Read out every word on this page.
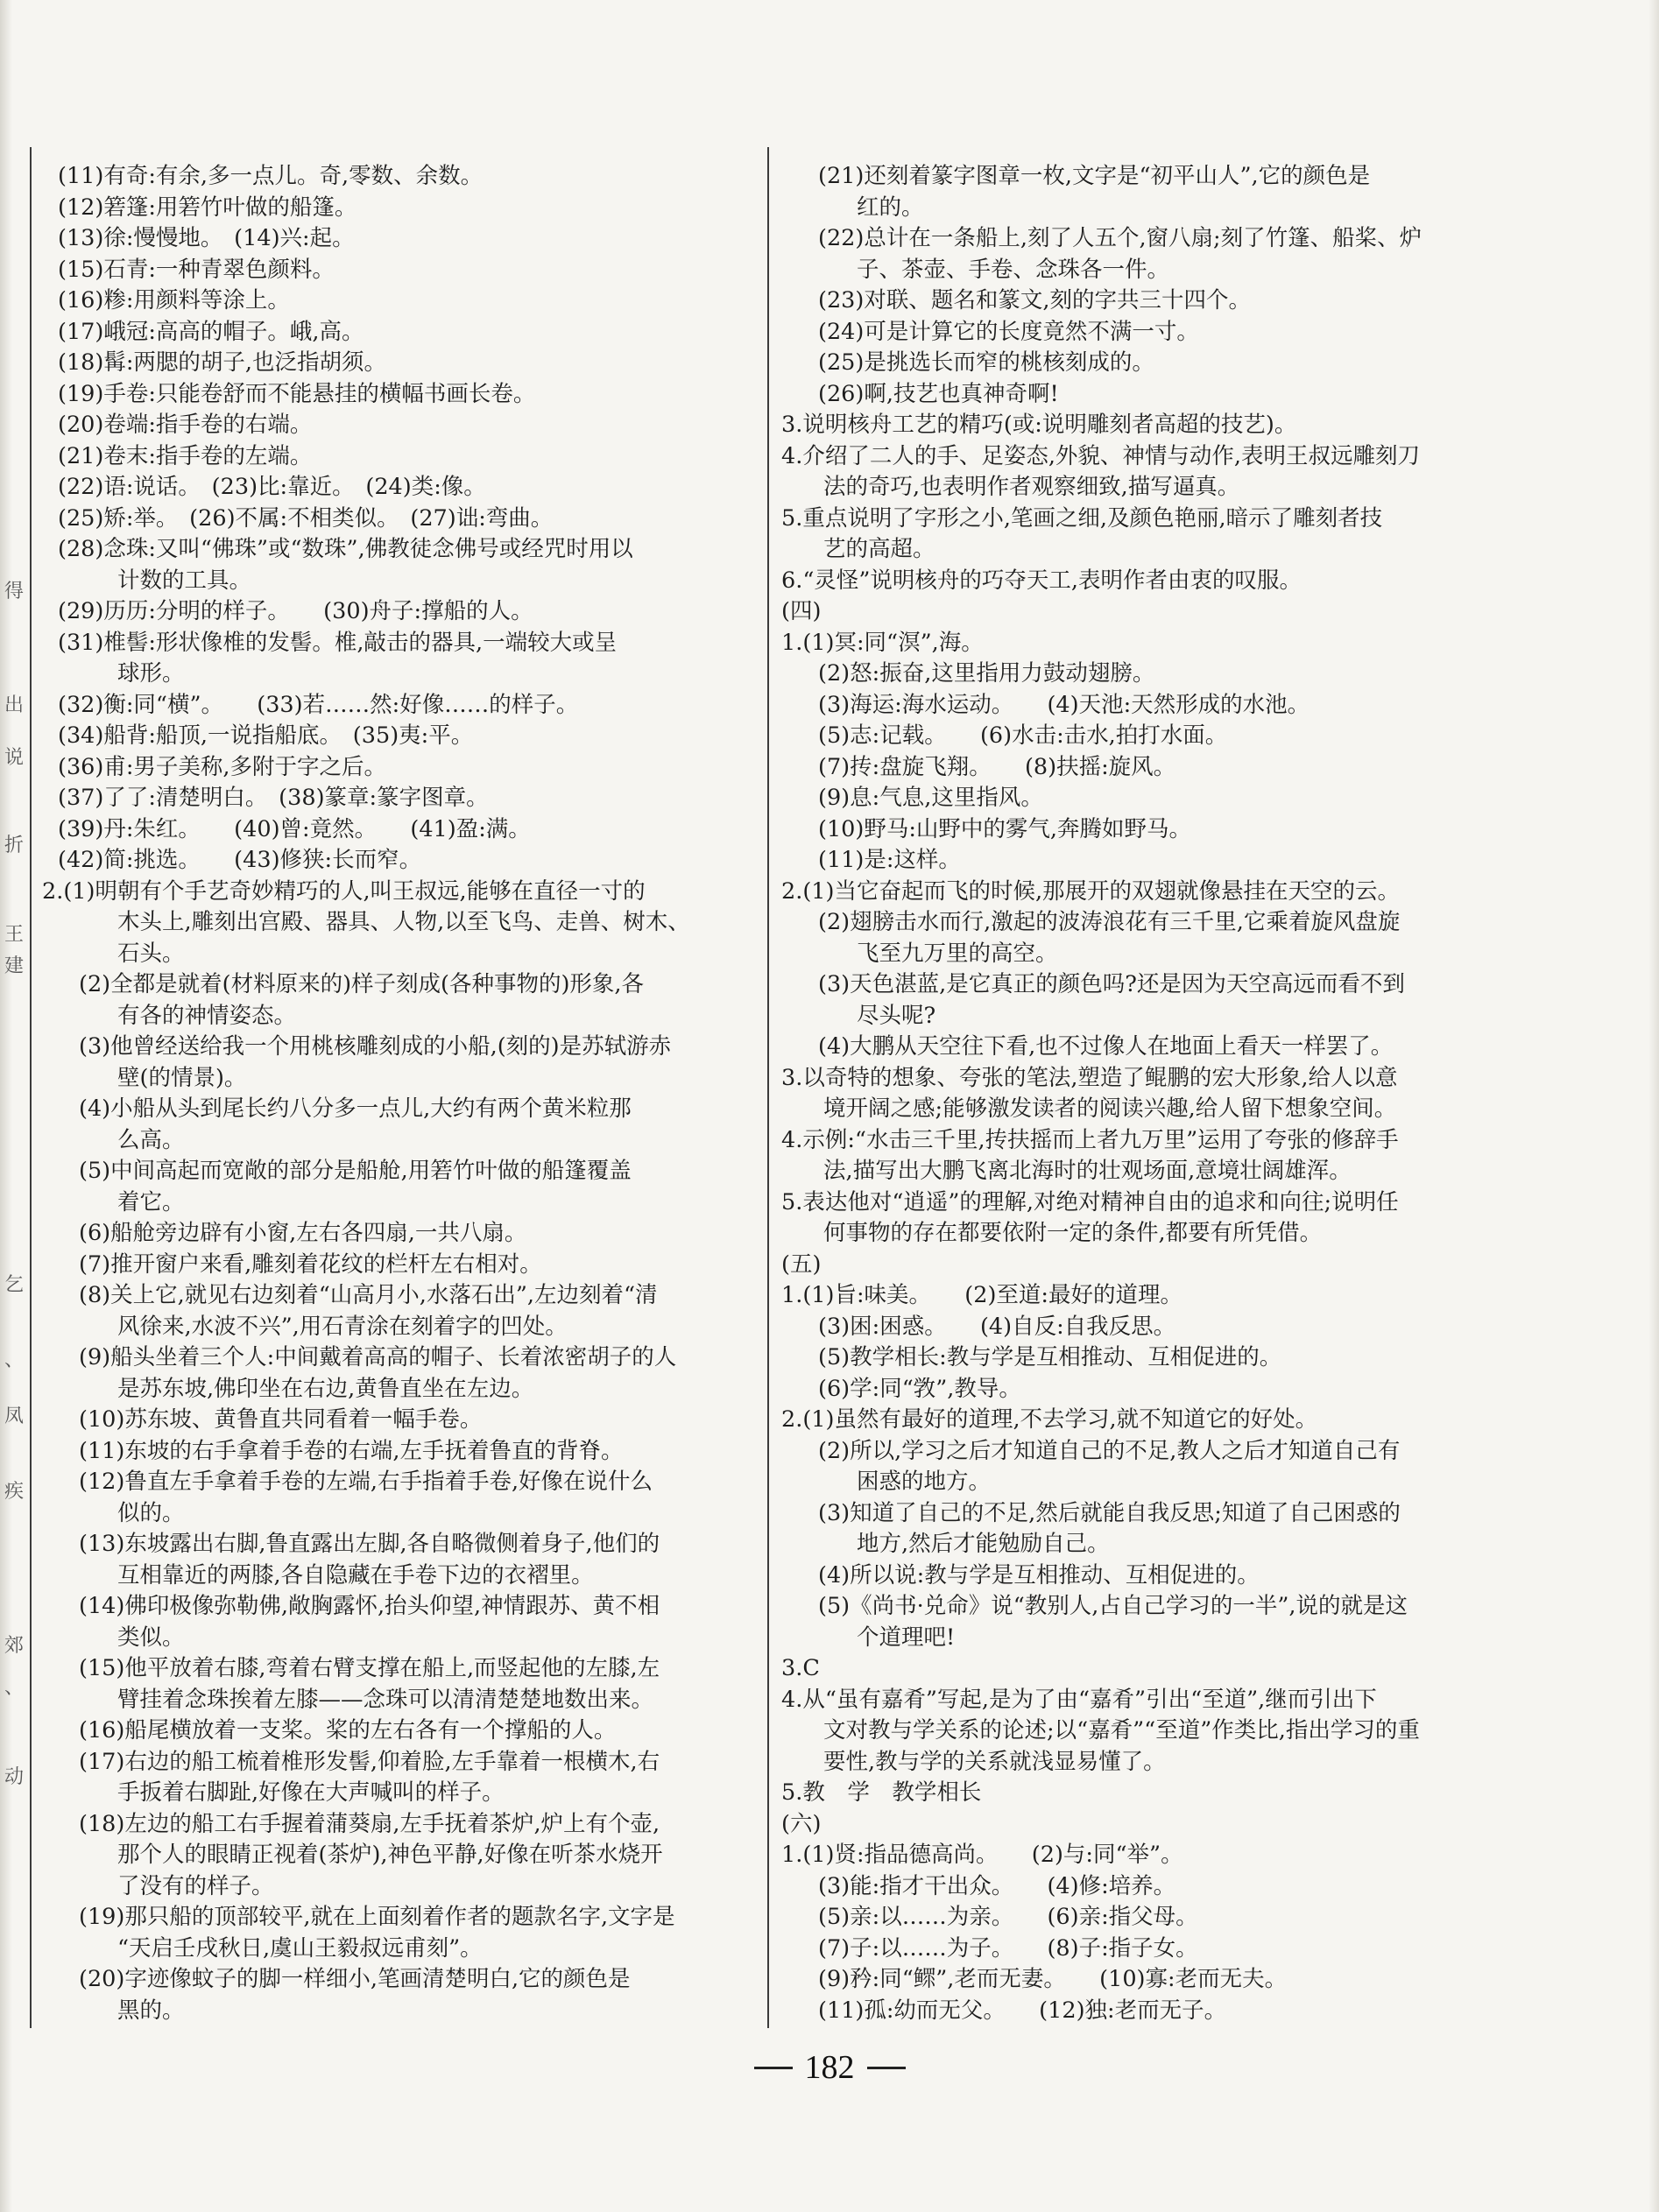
得
出
说
折
王
建
乞
、
凤
疾
郊
、
动
(11)有奇:有余,多一点儿。奇,零数、余数。
(12)箬篷:用箬竹叶做的船篷。
(13)徐:慢慢地。　(14)兴:起。
(15)石青:一种青翠色颜料。
(16)糁:用颜料等涂上。
(17)峨冠:高高的帽子。峨,高。
(18)髯:两腮的胡子,也泛指胡须。
(19)手卷:只能卷舒而不能悬挂的横幅书画长卷。
(20)卷端:指手卷的右端。
(21)卷末:指手卷的左端。
(22)语:说话。　(23)比:靠近。　(24)类:像。
(25)矫:举。　(26)不属:不相类似。　(27)诎:弯曲。
(28)念珠:又叫“佛珠”或“数珠”,佛教徒念佛号或经咒时用以
计数的工具。
(29)历历:分明的样子。　　(30)舟子:撑船的人。
(31)椎髻:形状像椎的发髻。椎,敲击的器具,一端较大或呈
球形。
(32)衡:同“横”。　　(33)若……然:好像……的样子。
(34)船背:船顶,一说指船底。　(35)夷:平。
(36)甫:男子美称,多附于字之后。
(37)了了:清楚明白。　(38)篆章:篆字图章。
(39)丹:朱红。　　(40)曾:竟然。　　(41)盈:满。
(42)简:挑选。　　(43)修狭:长而窄。
2.(1)明朝有个手艺奇妙精巧的人,叫王叔远,能够在直径一寸的
木头上,雕刻出宫殿、器具、人物,以至飞鸟、走兽、树木、
石头。
(2)全都是就着(材料原来的)样子刻成(各种事物的)形象,各
有各的神情姿态。
(3)他曾经送给我一个用桃核雕刻成的小船,(刻的)是苏轼游赤
壁(的情景)。
(4)小船从头到尾长约八分多一点儿,大约有两个黄米粒那
么高。
(5)中间高起而宽敞的部分是船舱,用箬竹叶做的船篷覆盖
着它。
(6)船舱旁边辟有小窗,左右各四扇,一共八扇。
(7)推开窗户来看,雕刻着花纹的栏杆左右相对。
(8)关上它,就见右边刻着“山高月小,水落石出”,左边刻着“清
风徐来,水波不兴”,用石青涂在刻着字的凹处。
(9)船头坐着三个人:中间戴着高高的帽子、长着浓密胡子的人
是苏东坡,佛印坐在右边,黄鲁直坐在左边。
(10)苏东坡、黄鲁直共同看着一幅手卷。
(11)东坡的右手拿着手卷的右端,左手抚着鲁直的背脊。
(12)鲁直左手拿着手卷的左端,右手指着手卷,好像在说什么
似的。
(13)东坡露出右脚,鲁直露出左脚,各自略微侧着身子,他们的
互相靠近的两膝,各自隐藏在手卷下边的衣褶里。
(14)佛印极像弥勒佛,敞胸露怀,抬头仰望,神情跟苏、黄不相
类似。
(15)他平放着右膝,弯着右臂支撑在船上,而竖起他的左膝,左
臂挂着念珠挨着左膝——念珠可以清清楚楚地数出来。
(16)船尾横放着一支桨。桨的左右各有一个撑船的人。
(17)右边的船工梳着椎形发髻,仰着脸,左手靠着一根横木,右
手扳着右脚趾,好像在大声喊叫的样子。
(18)左边的船工右手握着蒲葵扇,左手抚着茶炉,炉上有个壶,
那个人的眼睛正视着(茶炉),神色平静,好像在听茶水烧开
了没有的样子。
(19)那只船的顶部较平,就在上面刻着作者的题款名字,文字是
“天启壬戌秋日,虞山王毅叔远甫刻”。
(20)字迹像蚊子的脚一样细小,笔画清楚明白,它的颜色是
黑的。
(21)还刻着篆字图章一枚,文字是“初平山人”,它的颜色是
红的。
(22)总计在一条船上,刻了人五个,窗八扇;刻了竹篷、船桨、炉
子、茶壶、手卷、念珠各一件。
(23)对联、题名和篆文,刻的字共三十四个。
(24)可是计算它的长度竟然不满一寸。
(25)是挑选长而窄的桃核刻成的。
(26)啊,技艺也真神奇啊!
3.说明核舟工艺的精巧(或:说明雕刻者高超的技艺)。
4.介绍了二人的手、足姿态,外貌、神情与动作,表明王叔远雕刻刀
法的奇巧,也表明作者观察细致,描写逼真。
5.重点说明了字形之小,笔画之细,及颜色艳丽,暗示了雕刻者技
艺的高超。
6.“灵怪”说明核舟的巧夺天工,表明作者由衷的叹服。
(四)
1.(1)冥:同“溟”,海。
(2)怒:振奋,这里指用力鼓动翅膀。
(3)海运:海水运动。　　(4)天池:天然形成的水池。
(5)志:记载。　　(6)水击:击水,拍打水面。
(7)抟:盘旋飞翔。　　(8)扶摇:旋风。
(9)息:气息,这里指风。
(10)野马:山野中的雾气,奔腾如野马。
(11)是:这样。
2.(1)当它奋起而飞的时候,那展开的双翅就像悬挂在天空的云。
(2)翅膀击水而行,激起的波涛浪花有三千里,它乘着旋风盘旋
飞至九万里的高空。
(3)天色湛蓝,是它真正的颜色吗?还是因为天空高远而看不到
尽头呢?
(4)大鹏从天空往下看,也不过像人在地面上看天一样罢了。
3.以奇特的想象、夸张的笔法,塑造了鲲鹏的宏大形象,给人以意
境开阔之感;能够激发读者的阅读兴趣,给人留下想象空间。
4.示例:“水击三千里,抟扶摇而上者九万里”运用了夸张的修辞手
法,描写出大鹏飞离北海时的壮观场面,意境壮阔雄浑。
5.表达他对“逍遥”的理解,对绝对精神自由的追求和向往;说明任
何事物的存在都要依附一定的条件,都要有所凭借。
(五)
1.(1)旨:味美。　　(2)至道:最好的道理。
(3)困:困惑。　　(4)自反:自我反思。
(5)教学相长:教与学是互相推动、互相促进的。
(6)学:同“敩”,教导。
2.(1)虽然有最好的道理,不去学习,就不知道它的好处。
(2)所以,学习之后才知道自己的不足,教人之后才知道自己有
困惑的地方。
(3)知道了自己的不足,然后就能自我反思;知道了自己困惑的
地方,然后才能勉励自己。
(4)所以说:教与学是互相推动、互相促进的。
(5)《尚书·兑命》说“教别人,占自己学习的一半”,说的就是这
个道理吧!
3.C
4.从“虽有嘉肴”写起,是为了由“嘉肴”引出“至道”,继而引出下
文对教与学关系的论述;以“嘉肴”“至道”作类比,指出学习的重
要性,教与学的关系就浅显易懂了。
5.教　学　教学相长
(六)
1.(1)贤:指品德高尚。　　(2)与:同“举”。
(3)能:指才干出众。　　(4)修:培养。
(5)亲:以……为亲。　　(6)亲:指父母。
(7)子:以……为子。　　(8)子:指子女。
(9)矜:同“鳏”,老而无妻。　　(10)寡:老而无夫。
(11)孤:幼而无父。　　(12)独:老而无子。
182
